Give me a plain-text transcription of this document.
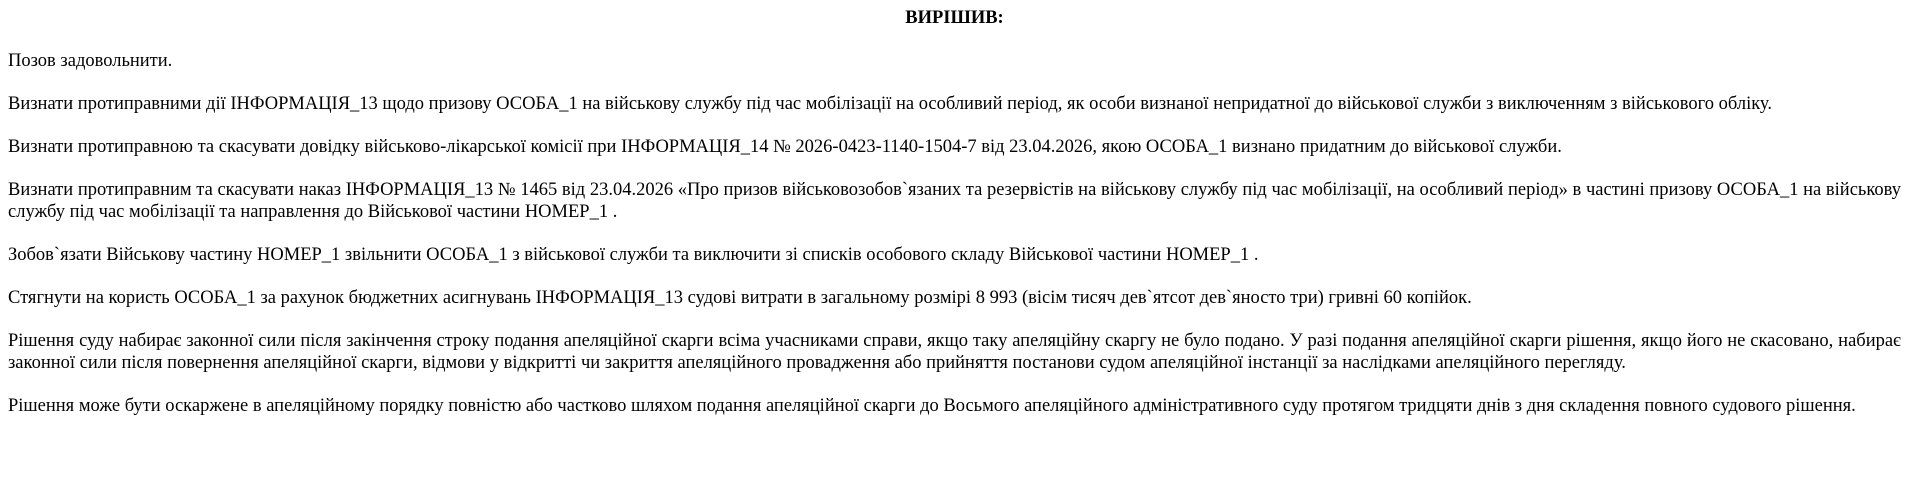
ВИРІШИВ:

Позов задовольнити.

Визнати протиправними дії ІНФОРМАЦІЯ_13 щодо призову ОСОБА_1 на військову службу під час мобілізації на особливий період, як особи визнаної непридатної до військової служби з виключенням з військового обліку.

Визнати протиправною та скасувати довідку військово-лікарської комісії при ІНФОРМАЦІЯ_14 № 2026-0423-1140-1504-7 від 23.04.2026, якою ОСОБА_1 визнано придатним до військової служби.

Визнати протиправним та скасувати наказ ІНФОРМАЦІЯ_13 № 1465 від 23.04.2026 «Про призов військовозобов`язаних та резервістів на військову службу під час мобілізації, на особливий період» в частині призову ОСОБА_1 на військову службу під час мобілізації та направлення до Військової частини НОМЕР_1 .

Зобов`язати Військову частину НОМЕР_1 звільнити ОСОБА_1 з військової служби та виключити зі списків особового складу Військової частини НОМЕР_1 .

Стягнути на користь ОСОБА_1 за рахунок бюджетних асигнувань ІНФОРМАЦІЯ_13 судові витрати в загальному розмірі 8 993 (вісім тисяч дев`ятсот дев`яносто три) гривні 60 копійок.

Рішення суду набирає законної сили після закінчення строку подання апеляційної скарги всіма учасниками справи, якщо таку апеляційну скаргу не було подано. У разі подання апеляційної скарги рішення, якщо його не скасовано, набирає законної сили після повернення апеляційної скарги, відмови у відкритті чи закриття апеляційного провадження або прийняття постанови судом апеляційної інстанції за наслідками апеляційного перегляду.

Рішення може бути оскаржене в апеляційному порядку повністю або частково шляхом подання апеляційної скарги до Восьмого апеляційного адміністративного суду протягом тридцяти днів з дня складення повного судового рішення.
